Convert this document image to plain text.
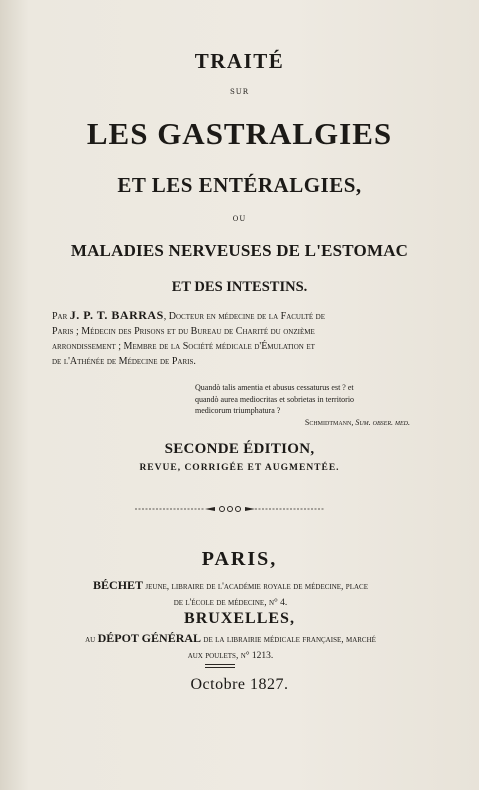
TRAITÉ
SUR
LES GASTRALGIES
ET LES ENTÉRALGIES,
OU
MALADIES NERVEUSES DE L'ESTOMAC
ET DES INTESTINS.
Par J. P. T. BARRAS, Docteur en médecine de la Faculté de
Paris ; Médecin des Prisons et du Bureau de Charité du onzième
arrondissement ; Membre de la Société médicale d'Émulation et
de l'Athénée de Médecine de Paris.
Quandò talis amentia et abusus cessaturus est ? et
quandò aurea mediocritas et sobrietas in territorio
medicorum triumphatura ?
Schmidtmann, Sum. obser. med.
SECONDE ÉDITION,
REVUE, CORRIGÉE ET AUGMENTÉE.
PARIS,
BÉCHET jeune, libraire de l'académie royale de médecine, place
de l'école de médecine, n° 4.
BRUXELLES,
au DÉPOT GÉNÉRAL de la librairie médicale française, marché
aux poulets, n° 1213.
Octobre 1827.
